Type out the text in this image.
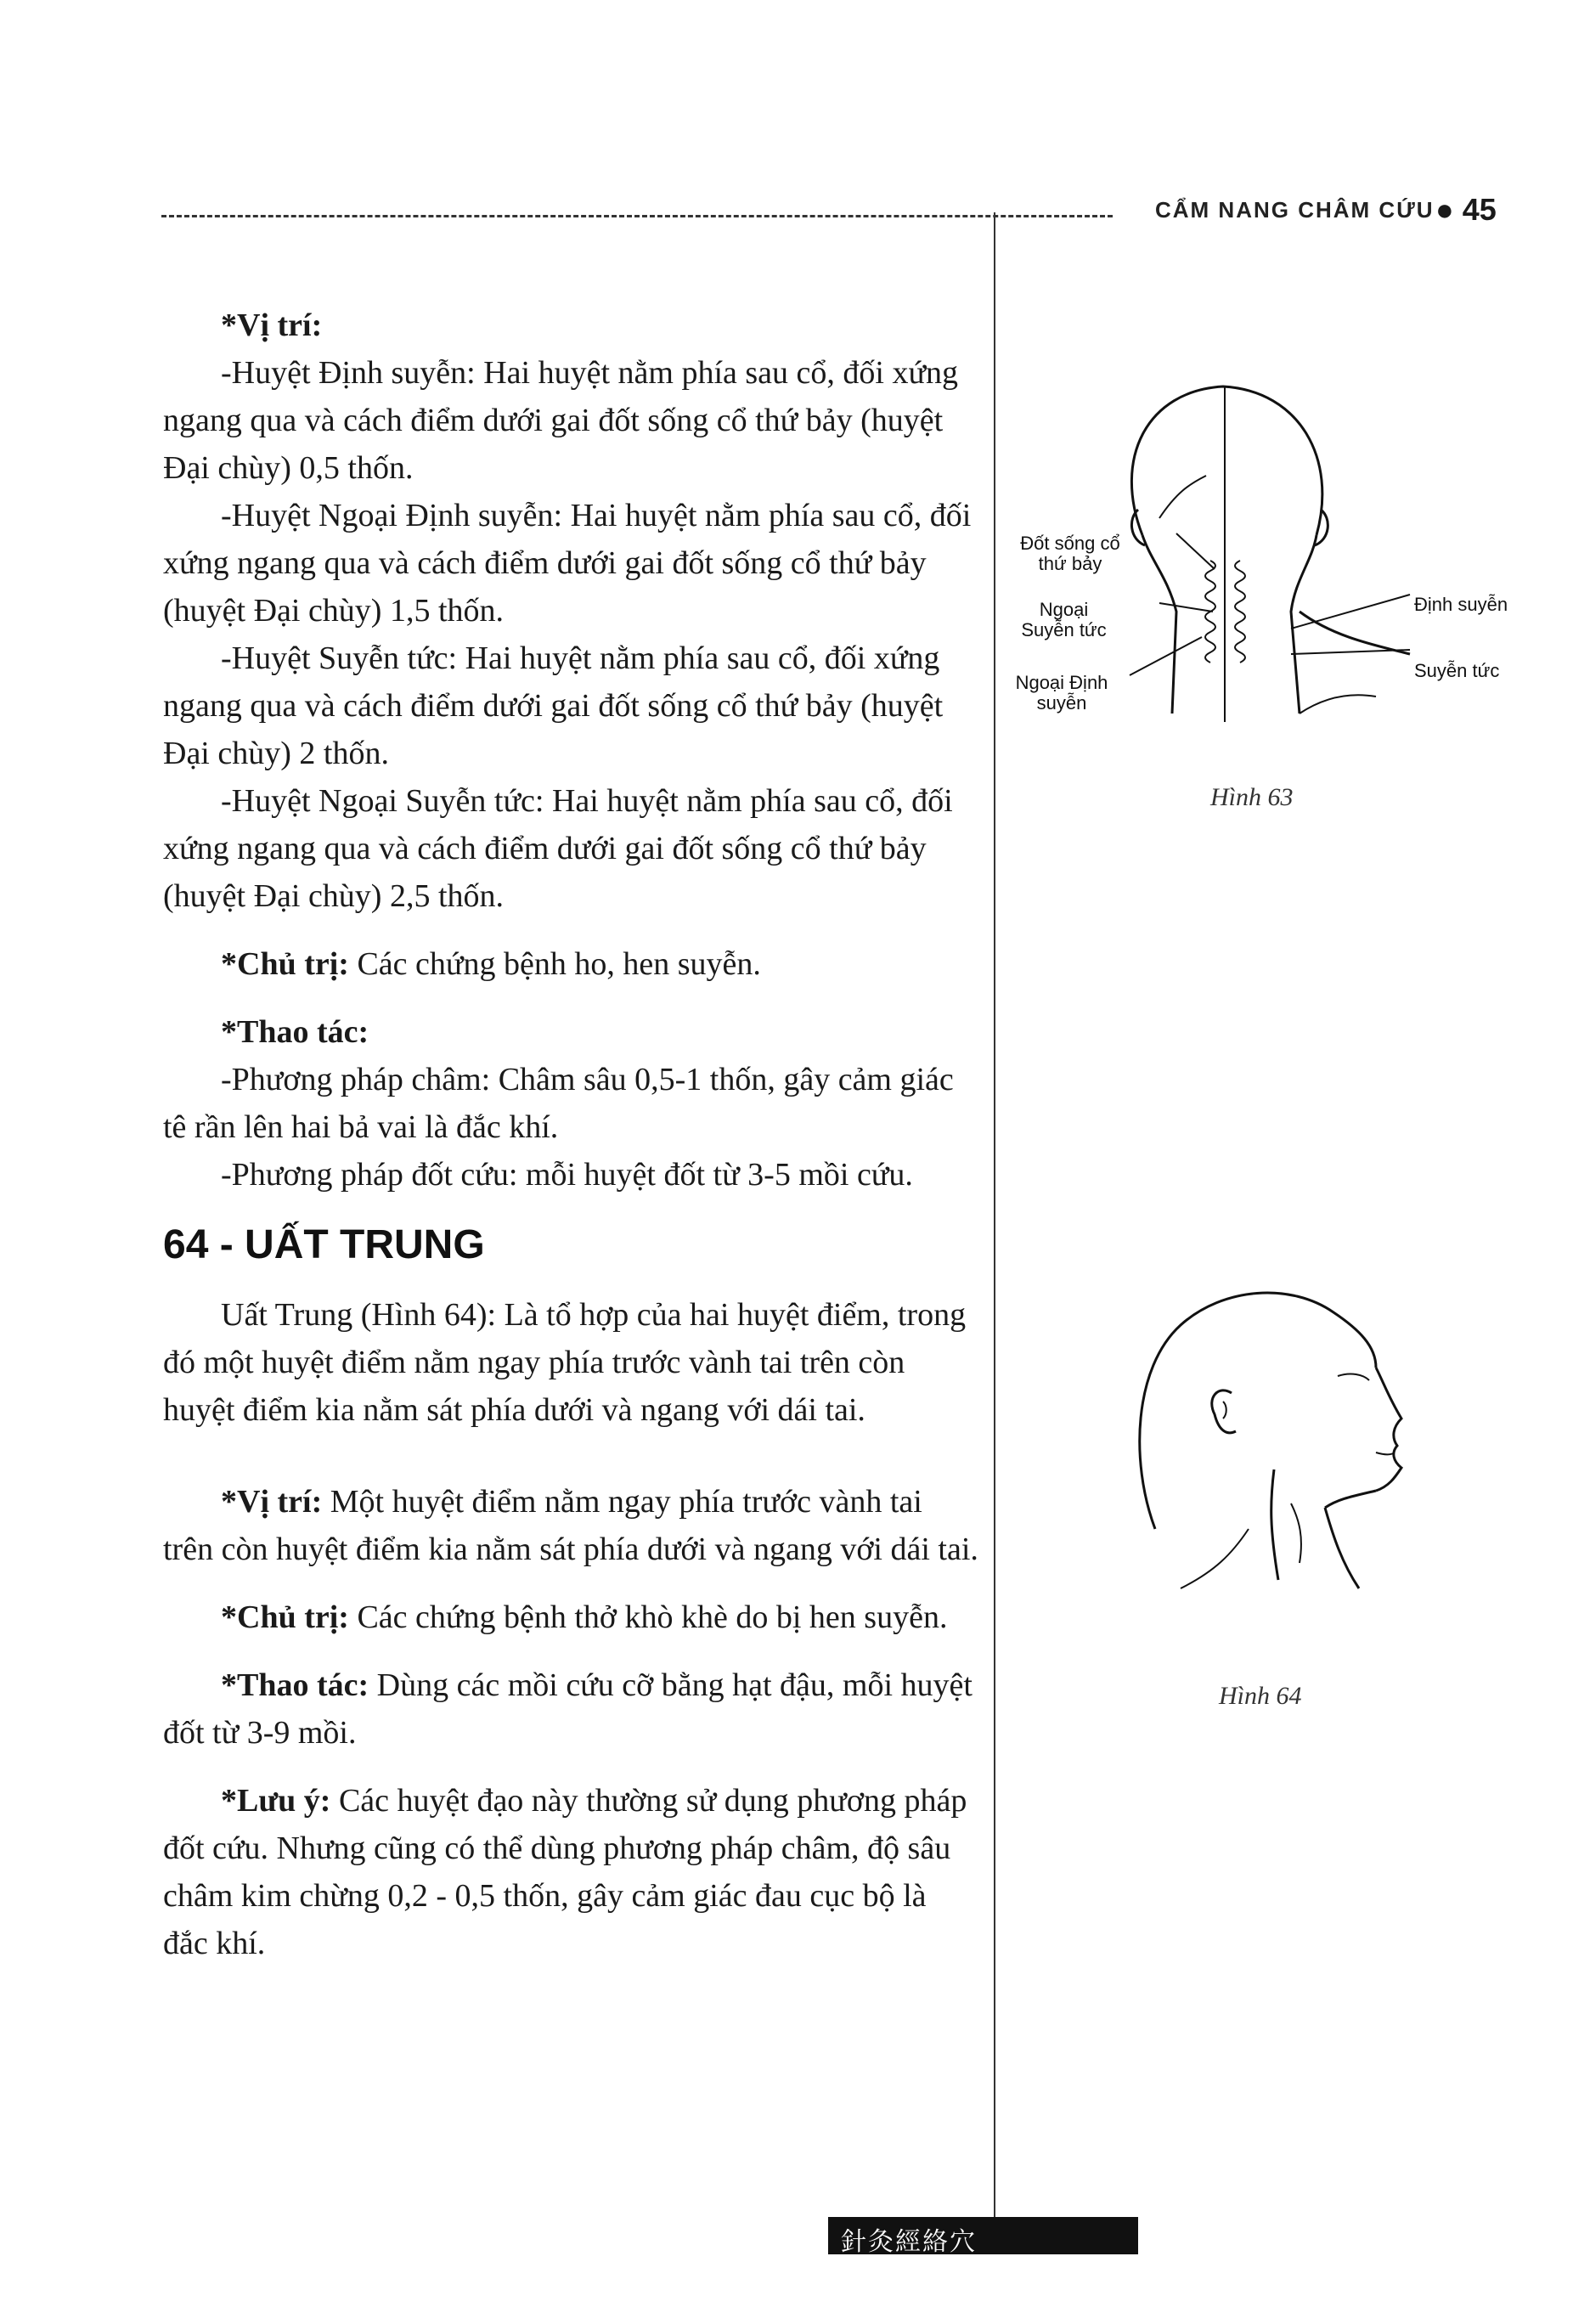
CẨM NANG CHÂM CỨU ● 45

*Vị trí:

-Huyệt Định suyễn: Hai huyệt nằm phía sau cổ, đối xứng ngang qua và cách điểm dưới gai đốt sống cổ thứ bảy (huyệt Đại chùy) 0,5 thốn.

-Huyệt Ngoại Định suyễn: Hai huyệt nằm phía sau cổ, đối xứng ngang qua và cách điểm dưới gai đốt sống cổ thứ bảy (huyệt Đại chùy) 1,5 thốn.

-Huyệt Suyễn tức: Hai huyệt nằm phía sau cổ, đối xứng ngang qua và cách điểm dưới gai đốt sống cổ thứ bảy (huyệt Đại chùy) 2 thốn.

-Huyệt Ngoại Suyễn tức: Hai huyệt nằm phía sau cổ, đối xứng ngang qua và cách điểm dưới gai đốt sống cổ thứ bảy (huyệt Đại chùy) 2,5 thốn.

*Chủ trị: Các chứng bệnh ho, hen suyễn.

*Thao tác:

-Phương pháp châm: Châm sâu 0,5-1 thốn, gây cảm giác tê rần lên hai bả vai là đắc khí.

-Phương pháp đốt cứu: mỗi huyệt đốt từ 3-5 mồi cứu.

64 - UẤT TRUNG

Uất Trung (Hình 64): Là tổ hợp của hai huyệt điểm, trong đó một huyệt điểm nằm ngay phía trước vành tai trên còn huyệt điểm kia nằm sát phía dưới và ngang với dái tai.

*Vị trí: Một huyệt điểm nằm ngay phía trước vành tai trên còn huyệt điểm kia nằm sát phía dưới và ngang với dái tai.

*Chủ trị: Các chứng bệnh thở khò khè do bị hen suyễn.

*Thao tác: Dùng các mồi cứu cỡ bằng hạt đậu, mỗi huyệt đốt từ 3-9 mồi.

*Lưu ý: Các huyệt đạo này thường sử dụng phương pháp đốt cứu. Nhưng cũng có thể dùng phương pháp châm, độ sâu châm kim chừng 0,2 - 0,5 thốn, gây cảm giác đau cục bộ là đắc khí.

Đốt sống cổ thứ bảy
Ngoại Suyễn tức
Ngoại Định suyễn
Định suyễn
Suyễn tức
Hình 63
Hình 64
針灸經絡穴
